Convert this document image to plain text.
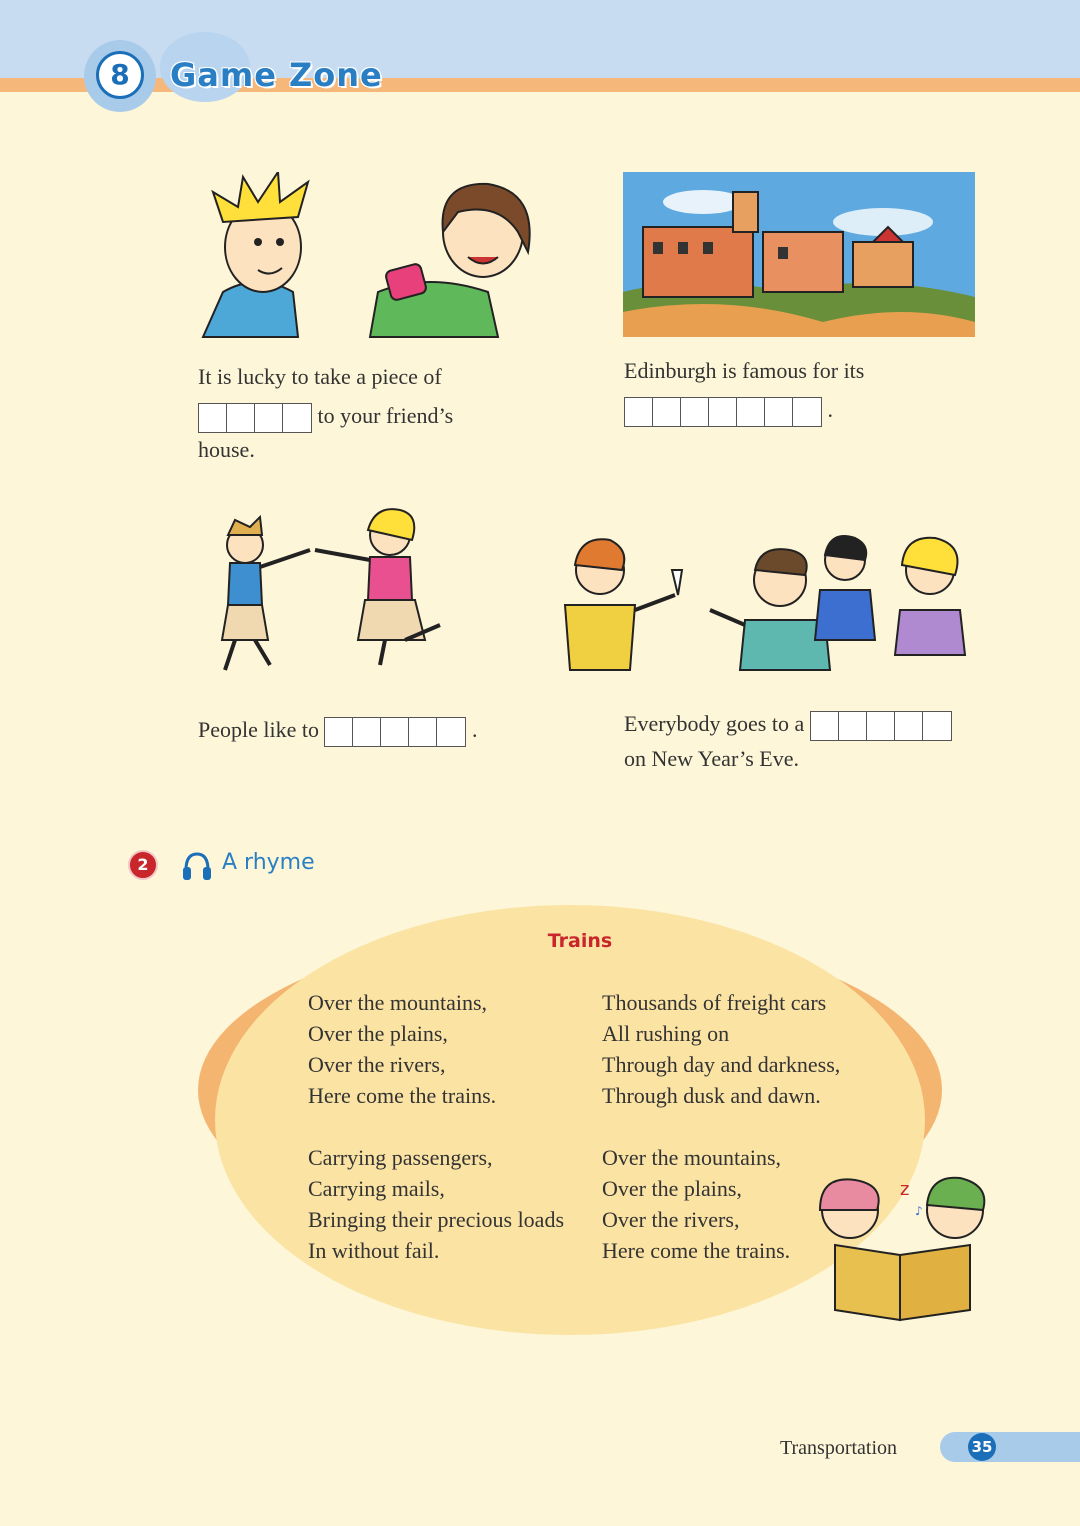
8	Game Zone
It is lucky to take a piece of
to your friend’s
house.
Edinburgh is famous for its
.
People like to	.	Everybody goes to a
on New Year’s Eve.
2	A rhyme
Trains
Over the mountains,
Over the plains,
Over the rivers,
Here come the trains.
Thousands of freight cars
All rushing on
Through day and darkness,
Through dusk and dawn.
Carrying passengers,
Carrying mails,
Bringing their precious loads
In without fail.
Over the mountains,
Over the plains,
Over the rivers,
Here come the trains.
z
♪
Transportation	35
